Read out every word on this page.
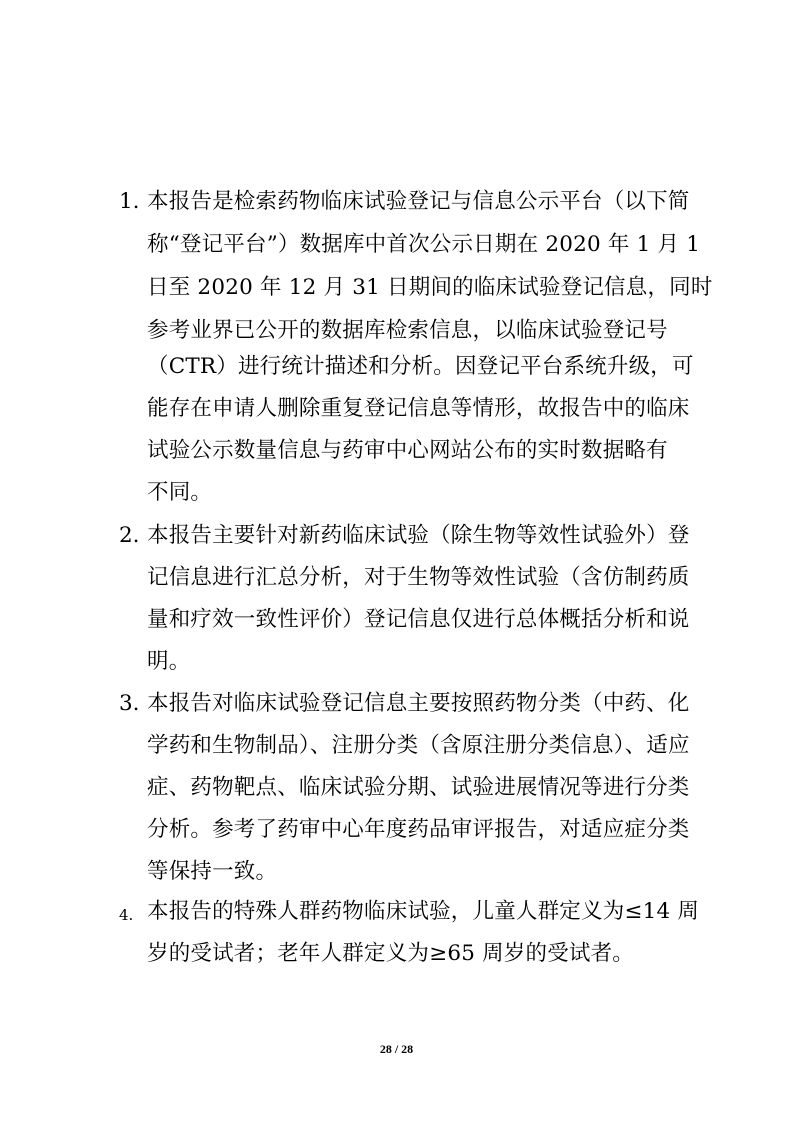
1. 本报告是检索药物临床试验登记与信息公示平台（以下简
称“登记平台”）数据库中首次公示日期在 2020 年 1 月 1
日至 2020 年 12 月 31 日期间的临床试验登记信息，同时
参考业界已公开的数据库检索信息，以临床试验登记号
（CTR）进行统计描述和分析。因登记平台系统升级，可
能存在申请人删除重复登记信息等情形，故报告中的临床
试验公示数量信息与药审中心网站公布的实时数据略有
不同。
2. 本报告主要针对新药临床试验（除生物等效性试验外）登
记信息进行汇总分析，对于生物等效性试验（含仿制药质
量和疗效一致性评价）登记信息仅进行总体概括分析和说
明。
3. 本报告对临床试验登记信息主要按照药物分类（中药、化
学药和生物制品）、注册分类（含原注册分类信息）、适应
症、药物靶点、临床试验分期、试验进展情况等进行分类
分析。参考了药审中心年度药品审评报告，对适应症分类
等保持一致。
4. 本报告的特殊人群药物临床试验，儿童人群定义为≤14 周
岁的受试者；老年人群定义为≥65 周岁的受试者。
28 / 28
